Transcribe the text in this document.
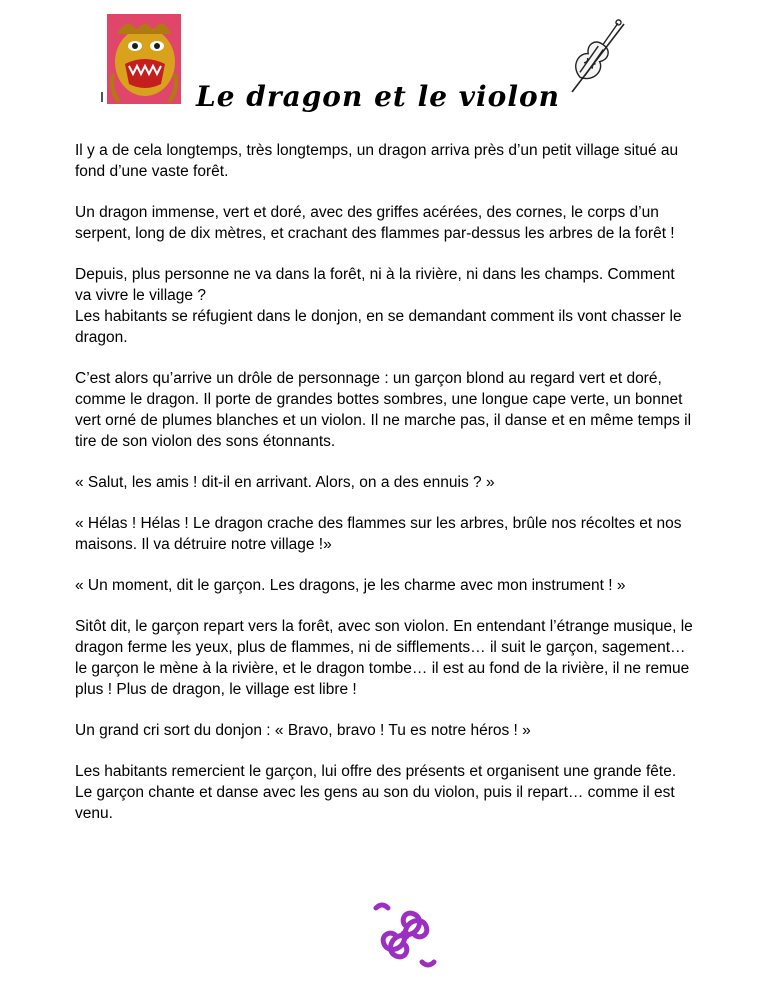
Le dragon et le violon

Il y a de cela longtemps, très longtemps, un dragon arriva près d’un petit village situé au fond d’une vaste forêt.

Un dragon immense, vert et doré, avec des griffes acérées, des cornes, le corps d’un serpent, long de dix mètres, et crachant des flammes par-dessus les arbres de la forêt !

Depuis, plus personne ne va dans la forêt, ni à la rivière, ni dans les champs. Comment va vivre le village ?

Les habitants se réfugient dans le donjon, en se demandant comment ils vont chasser le dragon.

C’est alors qu’arrive un drôle de personnage : un garçon blond au regard vert et doré, comme le dragon. Il porte de grandes bottes sombres, une longue cape verte, un bonnet vert orné de plumes blanches et un violon. Il ne marche pas, il danse et en même temps il tire de son violon des sons étonnants.

« Salut, les amis ! dit-il en arrivant. Alors, on a des ennuis ? »

« Hélas ! Hélas ! Le dragon crache des flammes sur les arbres, brûle nos récoltes et nos maisons. Il va détruire notre village !»

« Un moment, dit le garçon. Les dragons, je les charme avec mon instrument ! »

Sitôt dit, le garçon repart vers la forêt, avec son violon. En entendant l’étrange musique, le dragon ferme les yeux, plus de flammes, ni de sifflements… il suit le garçon, sagement… le garçon le mène à la rivière, et le dragon tombe… il est au fond de la rivière, il ne remue plus ! Plus de dragon, le village est libre !

Un grand cri sort du donjon : « Bravo, bravo ! Tu es notre héros ! »

Les habitants remercient le garçon, lui offre des présents et organisent une grande fête. Le garçon chante et danse avec les gens au son du violon, puis il repart… comme il est venu.
